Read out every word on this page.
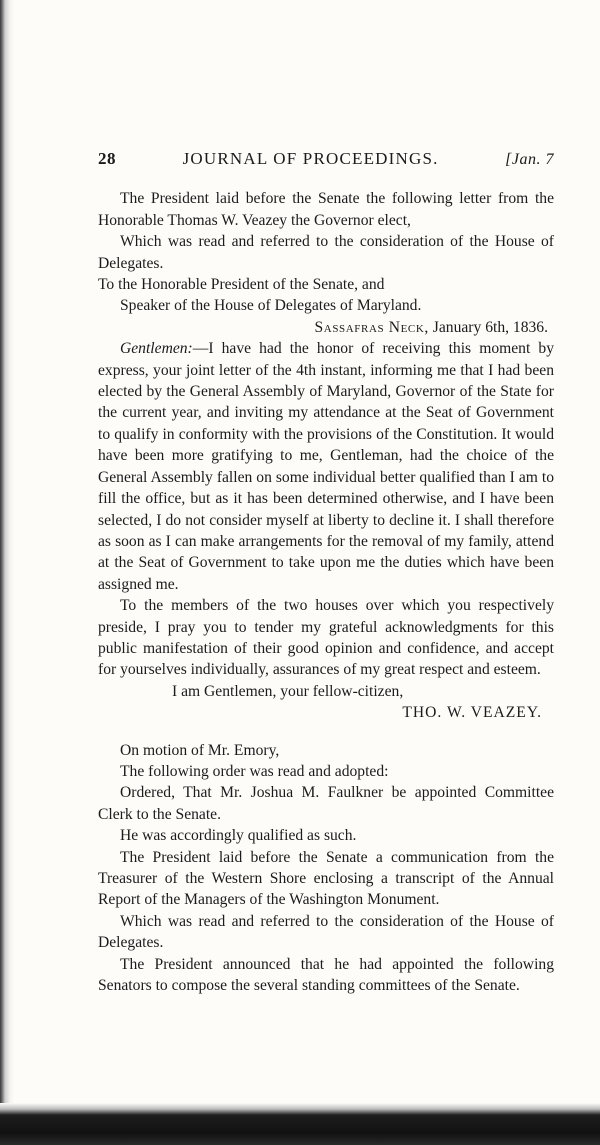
28	JOURNAL OF PROCEEDINGS.	[Jan. 7

The President laid before the Senate the following letter from the Honorable Thomas W. Veazey the Governor elect,

Which was read and referred to the consideration of the House of Delegates.

To the Honorable President of the Senate, and

Speaker of the House of Delegates of Maryland.

Sassafras Neck, January 6th, 1836.

Gentlemen:—I have had the honor of receiving this moment by express, your joint letter of the 4th instant, informing me that I had been elected by the General Assembly of Maryland, Governor of the State for the current year, and inviting my attendance at the Seat of Government to qualify in conformity with the provisions of the Constitution. It would have been more gratifying to me, Gentleman, had the choice of the General Assembly fallen on some individual better qualified than I am to fill the office, but as it has been determined otherwise, and I have been selected, I do not consider myself at liberty to decline it. I shall therefore as soon as I can make arrangements for the removal of my family, attend at the Seat of Government to take upon me the duties which have been assigned me.

To the members of the two houses over which you respectively preside, I pray you to tender my grateful acknowledgments for this public manifestation of their good opinion and confidence, and accept for yourselves individually, assurances of my great respect and esteem.

I am Gentlemen, your fellow-citizen,

THO. W. VEAZEY.

On motion of Mr. Emory,

The following order was read and adopted:

Ordered, That Mr. Joshua M. Faulkner be appointed Committee Clerk to the Senate.

He was accordingly qualified as such.

The President laid before the Senate a communication from the Treasurer of the Western Shore enclosing a transcript of the Annual Report of the Managers of the Washington Monument.

Which was read and referred to the consideration of the House of Delegates.

The President announced that he had appointed the following Senators to compose the several standing committees of the Senate.
